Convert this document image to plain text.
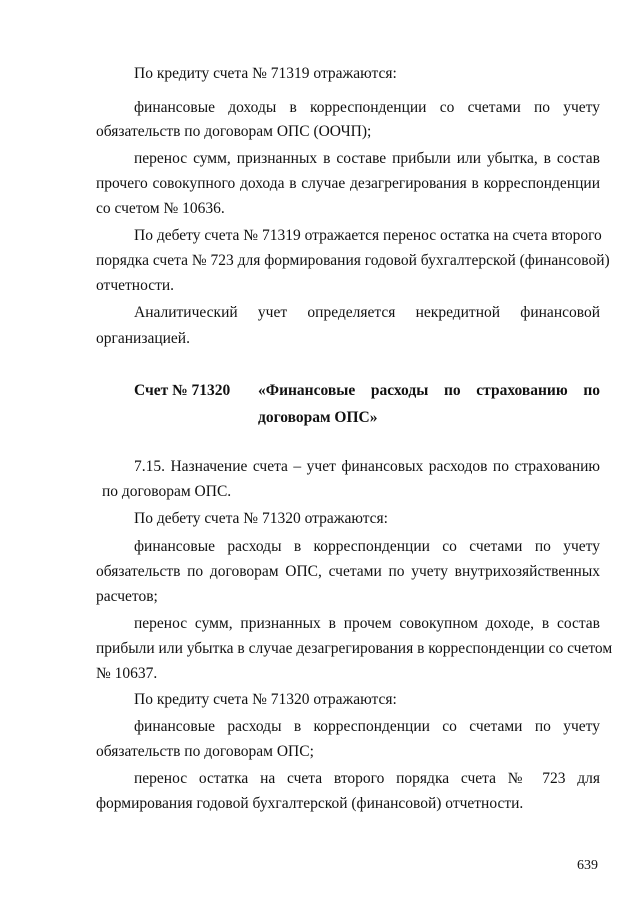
По кредиту счета № 71319 отражаются:
финансовые доходы в корреспонденции со счетами по учету
обязательств по договорам ОПС (ООЧП);
перенос сумм, признанных в составе прибыли или убытка, в состав
прочего совокупного дохода в случае дезагрегирования в корреспонденции
со счетом № 10636.
По дебету счета № 71319 отражается перенос остатка на счета второго
порядка счета № 723 для формирования годовой бухгалтерской (финансовой)
отчетности.
Аналитический учет определяется некредитной финансовой
организацией.
Счет № 71320 «Финансовые расходы по страхованию по
договорам ОПС»
7.15. Назначение счета – учет финансовых расходов по страхованию
по договорам ОПС.
По дебету счета № 71320 отражаются:
финансовые расходы в корреспонденции со счетами по учету
обязательств по договорам ОПС, счетами по учету внутрихозяйственных
расчетов;
перенос сумм, признанных в прочем совокупном доходе, в состав
прибыли или убытка в случае дезагрегирования в корреспонденции со счетом
№ 10637.
По кредиту счета № 71320 отражаются:
финансовые расходы в корреспонденции со счетами по учету
обязательств по договорам ОПС;
перенос остатка на счета второго порядка счета № 723 для
формирования годовой бухгалтерской (финансовой) отчетности.
639
